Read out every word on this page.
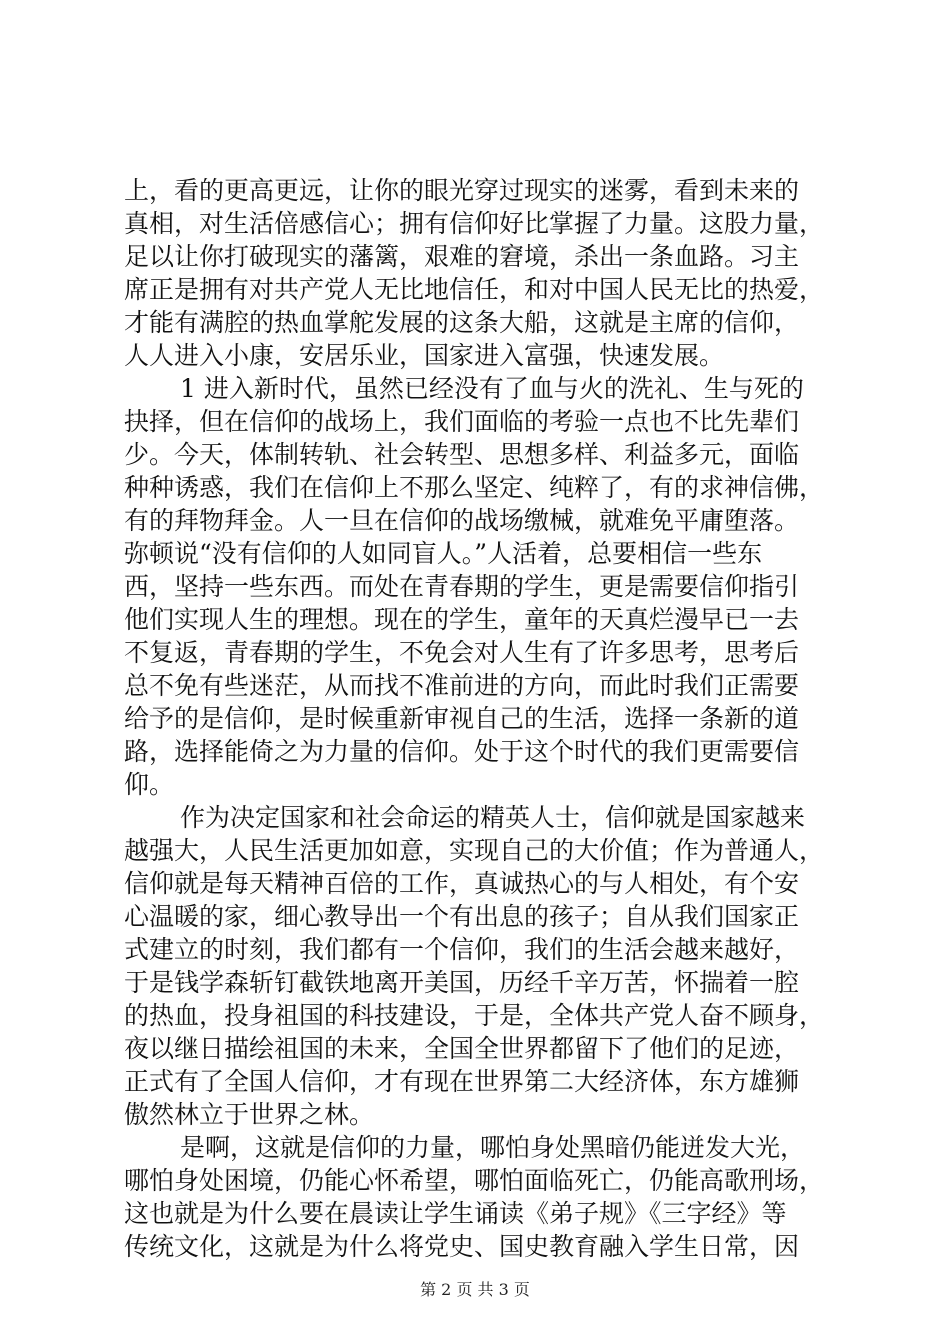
上，看的更高更远，让你的眼光穿过现实的迷雾，看到未来的
真相，对生活倍感信心；拥有信仰好比掌握了力量。这股力量，
足以让你打破现实的藩篱，艰难的窘境，杀出一条血路。习主
席正是拥有对共产党人无比地信任，和对中国人民无比的热爱，
才能有满腔的热血掌舵发展的这条大船，这就是主席的信仰，
人人进入小康，安居乐业，国家进入富强，快速发展。
1 进入新时代，虽然已经没有了血与火的洗礼、生与死的
抉择，但在信仰的战场上，我们面临的考验一点也不比先辈们
少。今天，体制转轨、社会转型、思想多样、利益多元，面临
种种诱惑，我们在信仰上不那么坚定、纯粹了，有的求神信佛，
有的拜物拜金。人一旦在信仰的战场缴械，就难免平庸堕落。
弥顿说“没有信仰的人如同盲人。”人活着，总要相信一些东
西，坚持一些东西。而处在青春期的学生，更是需要信仰指引
他们实现人生的理想。现在的学生，童年的天真烂漫早已一去
不复返，青春期的学生，不免会对人生有了许多思考，思考后
总不免有些迷茫，从而找不准前进的方向，而此时我们正需要
给予的是信仰，是时候重新审视自己的生活，选择一条新的道
路，选择能倚之为力量的信仰。处于这个时代的我们更需要信
仰。
作为决定国家和社会命运的精英人士，信仰就是国家越来
越强大，人民生活更加如意，实现自己的大价值；作为普通人，
信仰就是每天精神百倍的工作，真诚热心的与人相处，有个安
心温暖的家，细心教导出一个有出息的孩子；自从我们国家正
式建立的时刻，我们都有一个信仰，我们的生活会越来越好，
于是钱学森斩钉截铁地离开美国，历经千辛万苦，怀揣着一腔
的热血，投身祖国的科技建设，于是，全体共产党人奋不顾身，
夜以继日描绘祖国的未来，全国全世界都留下了他们的足迹，
正式有了全国人信仰，才有现在世界第二大经济体，东方雄狮
傲然林立于世界之林。
是啊，这就是信仰的力量，哪怕身处黑暗仍能迸发大光，
哪怕身处困境，仍能心怀希望，哪怕面临死亡，仍能高歌刑场，
这也就是为什么要在晨读让学生诵读《弟子规》《三字经》等
传统文化，这就是为什么将党史、国史教育融入学生日常，因
第 2 页 共 3 页
